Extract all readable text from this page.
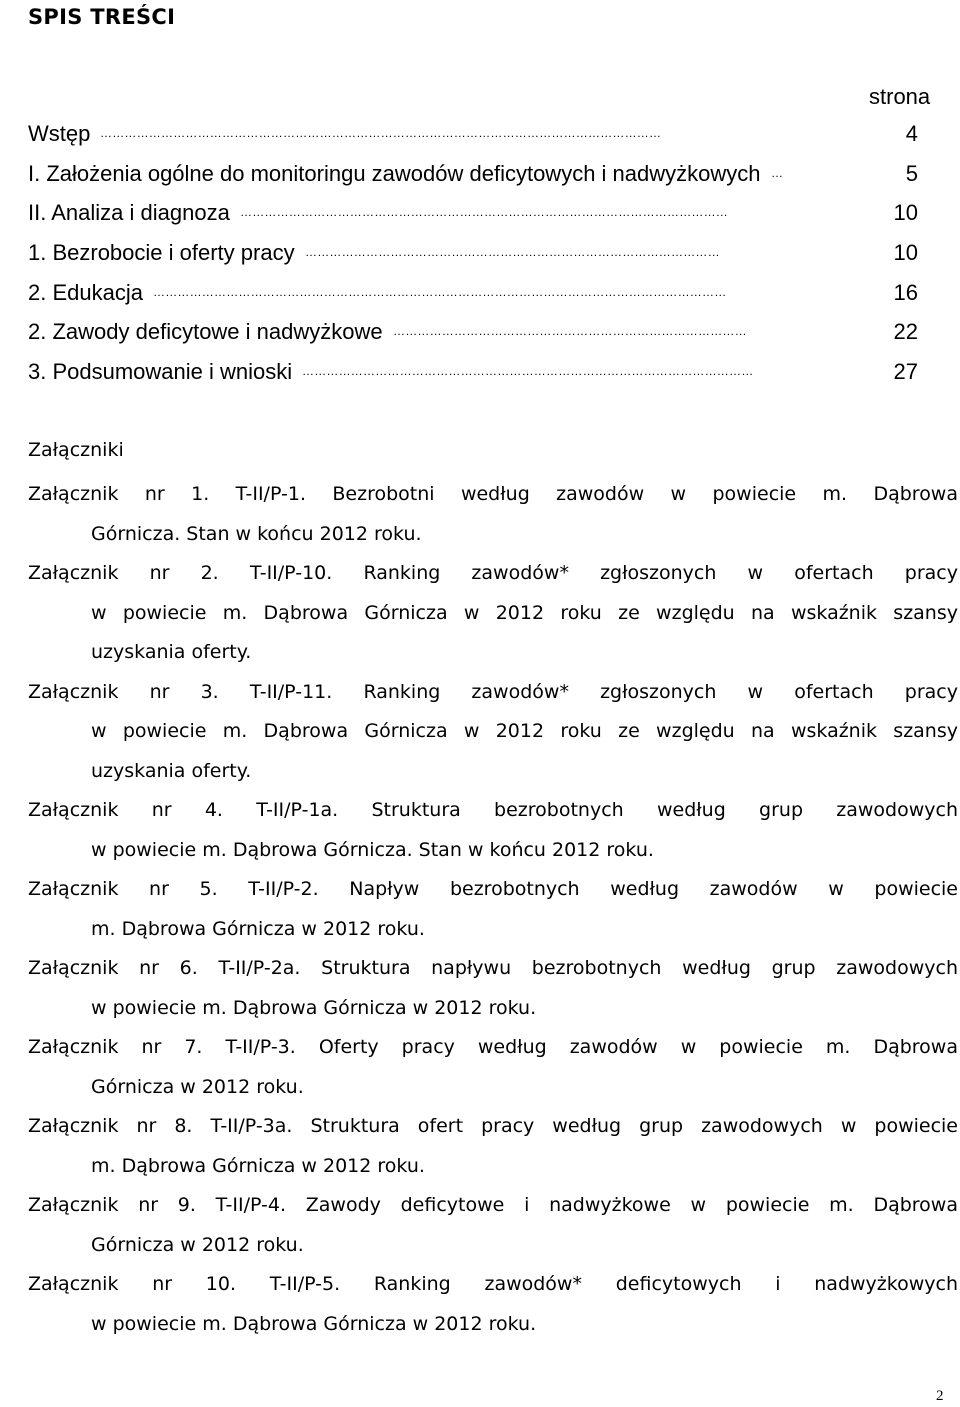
SPIS TREŚCI
strona
Wstęp …………………………………………………………………………………………………………………………	4
I. Założenia ogólne do monitoringu zawodów deficytowych i nadwyżkowych …	5
II. Analiza i diagnoza …………………………………………………………………………………………………………	10
1. Bezrobocie i oferty pracy …………………………………………………………………………………………	10
2. Edukacja ……………………………………………………………………………………………………………………………	16
2. Zawody deficytowe i nadwyżkowe ……………………………………………………………………………	22
3. Podsumowanie i wnioski …………………………………………………………………………………………………	27
Załączniki
Załącznik nr 1. T-II/P-1. Bezrobotni według zawodów w powiecie m. Dąbrowa
Górnicza. Stan w końcu 2012 roku.
Załącznik nr 2. T-II/P-10. Ranking zawodów* zgłoszonych w ofertach pracy
w powiecie m. Dąbrowa Górnicza w 2012 roku ze względu na wskaźnik szansy
uzyskania oferty.
Załącznik nr 3. T-II/P-11. Ranking zawodów* zgłoszonych w ofertach pracy
w powiecie m. Dąbrowa Górnicza w 2012 roku ze względu na wskaźnik szansy
uzyskania oferty.
Załącznik nr 4. T-II/P-1a. Struktura bezrobotnych według grup zawodowych
w powiecie m. Dąbrowa Górnicza. Stan w końcu 2012 roku.
Załącznik nr 5. T-II/P-2. Napływ bezrobotnych według zawodów w powiecie
m. Dąbrowa Górnicza w 2012 roku.
Załącznik nr 6. T-II/P-2a. Struktura napływu bezrobotnych według grup zawodowych
w powiecie m. Dąbrowa Górnicza w 2012 roku.
Załącznik nr 7. T-II/P-3. Oferty pracy według zawodów w powiecie m. Dąbrowa
Górnicza w 2012 roku.
Załącznik nr 8. T-II/P-3a. Struktura ofert pracy według grup zawodowych w powiecie
m. Dąbrowa Górnicza w 2012 roku.
Załącznik nr 9. T-II/P-4. Zawody deficytowe i nadwyżkowe w powiecie m. Dąbrowa
Górnicza w 2012 roku.
Załącznik nr 10. T-II/P-5. Ranking zawodów* deficytowych i nadwyżkowych
w powiecie m. Dąbrowa Górnicza w 2012 roku.
2
